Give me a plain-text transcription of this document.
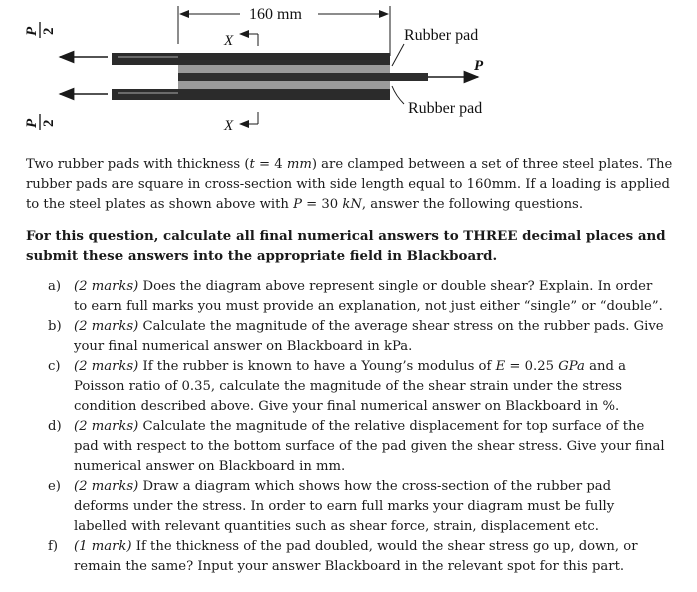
P 2
P 2
160 mm
P
Rubber pad
Rubber pad
X
X

Two rubber pads with thickness (t = 4 mm) are clamped between a set of three steel plates. The rubber pads are square in cross-section with side length equal to 160mm. If a loading is applied to the steel plates as shown above with P = 30 kN, answer the following questions.

For this question, calculate all final numerical answers to THREE decimal places and submit these answers into the appropriate field in Blackboard.

a) (2 marks) Does the diagram above represent single or double shear? Explain. In order to earn full marks you must provide an explanation, not just either “single” or “double”.
b) (2 marks) Calculate the magnitude of the average shear stress on the rubber pads. Give your final numerical answer on Blackboard in kPa.
c) (2 marks) If the rubber is known to have a Young’s modulus of E = 0.25 GPa and a Poisson ratio of 0.35, calculate the magnitude of the shear strain under the stress condition described above. Give your final numerical answer on Blackboard in %.
d) (2 marks) Calculate the magnitude of the relative displacement for top surface of the pad with respect to the bottom surface of the pad given the shear stress. Give your final numerical answer on Blackboard in mm.
e) (2 marks) Draw a diagram which shows how the cross-section of the rubber pad deforms under the stress. In order to earn full marks your diagram must be fully labelled with relevant quantities such as shear force, strain, displacement etc.
f) (1 mark) If the thickness of the pad doubled, would the shear stress go up, down, or remain the same? Input your answer Blackboard in the relevant spot for this part.
